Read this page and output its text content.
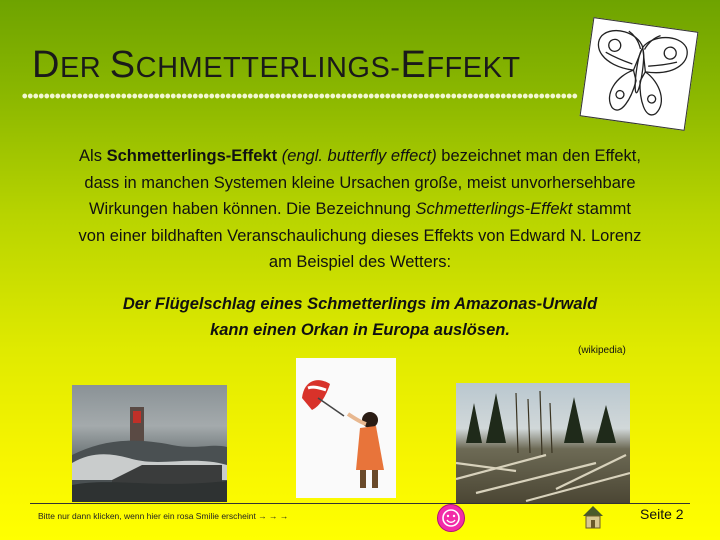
DER SCHMETTERLINGS-EFFEKT
Als Schmetterlings-Effekt (engl. butterfly effect) bezeichnet man den Effekt, dass in manchen Systemen kleine Ursachen große, meist unvorhersehbare Wirkungen haben können. Die Bezeichnung Schmetterlings-Effekt stammt von einer bildhaften Veranschaulichung dieses Effekts von Edward N. Lorenz am Beispiel des Wetters:
Der Flügelschlag eines Schmetterlings im Amazonas-Urwald
kann einen Orkan in Europa auslösen.
(wikipedia)
Bitte nur dann klicken, wenn hier ein rosa Smilie erscheint → → →	Seite 2
